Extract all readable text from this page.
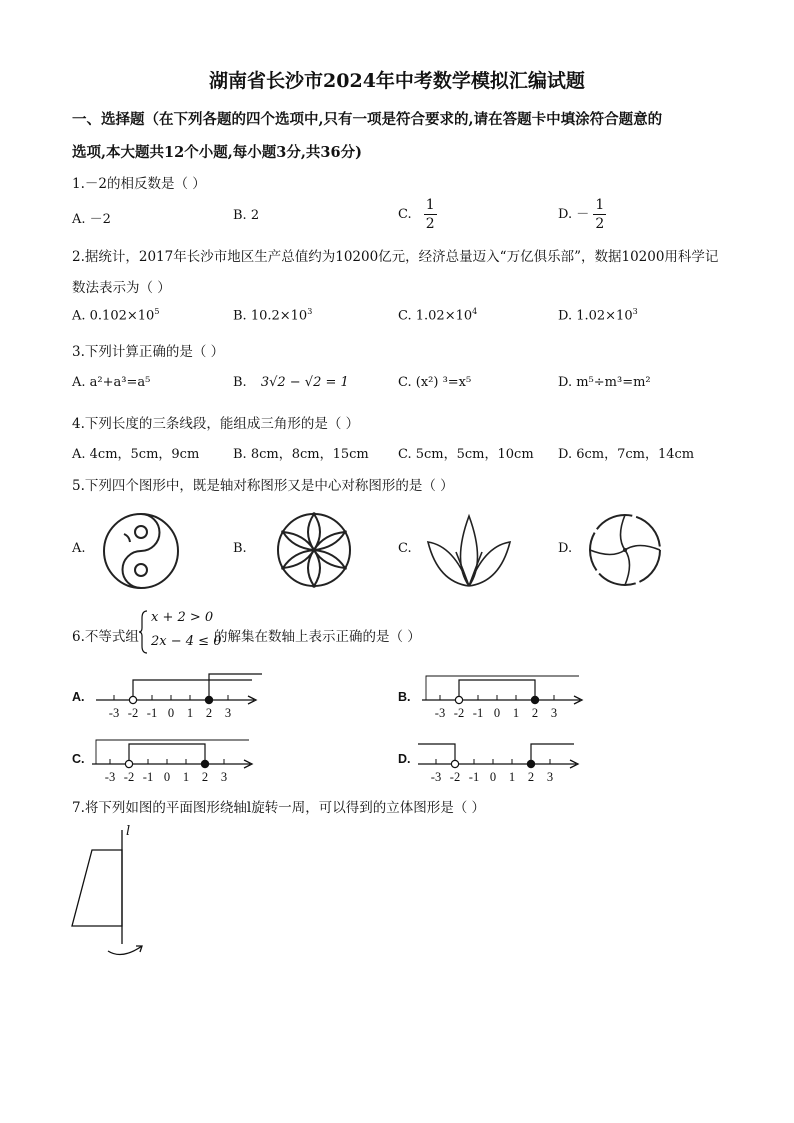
湖南省长沙市2024年中考数学模拟汇编试题
一、选择题（在下列各题的四个选项中,只有一项是符合要求的,请在答题卡中填涂符合题意的
选项,本大题共12个小题,每小题3分,共36分)
1.－2的相反数是（ ）
A. －2	B. 2	C. $\frac{1}{2}$	D. － $\frac{1}{2}$
2.据统计，2017年长沙市地区生产总值约为10200亿元，经济总量迈入“万亿俱乐部”，数据10200用科学记
数法表示为（ ）
A. $0.102\times 10^5$	B. $10.2\times 10^3$	C. $1.02\times 10^4$	D. $1.02\times 10^3$
3.下列计算正确的是（ ）
A. a²+a³=a⁵	B. 3√2 − √2 = 1	C. (x²) ³=x⁵	D. m⁵÷m³=m²
4.下列长度的三条线段，能组成三角形的是（ ）
A. 4cm，5cm，9cm	B. 8cm，8cm，15cm C. 5cm，5cm，10cm D. 6cm，7cm，14cm
5.下列四个图形中，既是轴对称图形又是中心对称图形的是（ ）
A.	B.	C.	D.
6.不等式组
x + 2 > 0
2x − 4 ≤ 0
的解集在数轴上表示正确的是（ ）
A.	B.
C.	D.
-3 -2 -1 0 1 2 3	-3 -2 -1 0 1 2 3
-3 -2 -1 0 1 2 3	-3 -2 -1 0 1 2 3
7.将下列如图的平面图形绕轴l旋转一周，可以得到的立体图形是（ ）
l
